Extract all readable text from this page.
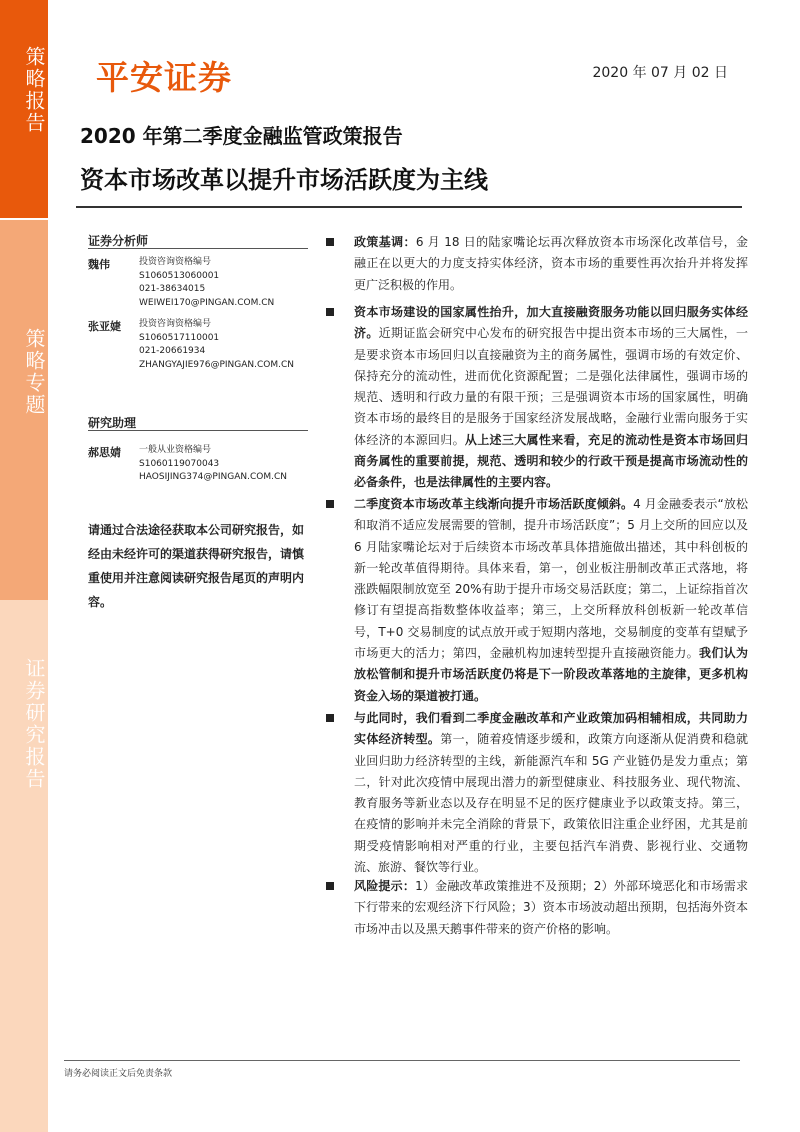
策略报告
策略专题
证券研究报告
平安证券	2020 年 07 月 02 日
2020 年第二季度金融监管政策报告
资本市场改革以提升市场活跃度为主线
证券分析师
魏伟	投资咨询资格编号
S1060513060001
021-38634015
WEIWEI170@PINGAN.COM.CN
张亚婕	投资咨询资格编号
S1060517110001
021-20661934
ZHANGYAJIE976@PINGAN.COM.CN
研究助理
郝思婧	一般从业资格编号
S1060119070043
HAOSIJING374@PINGAN.COM.CN
请通过合法途径获取本公司研究报告，如经由未经许可的渠道获得研究报告，请慎重使用并注意阅读研究报告尾页的声明内容。
政策基调：6 月 18 日的陆家嘴论坛再次释放资本市场深化改革信号，金融正在以更大的力度支持实体经济，资本市场的重要性再次抬升并将发挥更广泛积极的作用。
资本市场建设的国家属性抬升，加大直接融资服务功能以回归服务实体经济。近期证监会研究中心发布的研究报告中提出资本市场的三大属性，一是要求资本市场回归以直接融资为主的商务属性，强调市场的有效定价、保持充分的流动性，进而优化资源配置；二是强化法律属性，强调市场的规范、透明和行政力量的有限干预；三是强调资本市场的国家属性，明确资本市场的最终目的是服务于国家经济发展战略，金融行业需向服务于实体经济的本源回归。从上述三大属性来看，充足的流动性是资本市场回归商务属性的重要前提，规范、透明和较少的行政干预是提高市场流动性的必备条件，也是法律属性的主要内容。
二季度资本市场改革主线渐向提升市场活跃度倾斜。4 月金融委表示“放松和取消不适应发展需要的管制，提升市场活跃度”；5 月上交所的回应以及 6 月陆家嘴论坛对于后续资本市场改革具体措施做出描述，其中科创板的新一轮改革值得期待。具体来看，第一，创业板注册制改革正式落地，将涨跌幅限制放宽至 20%有助于提升市场交易活跃度；第二，上证综指首次修订有望提高指数整体收益率；第三，上交所释放科创板新一轮改革信号，T+0 交易制度的试点放开或于短期内落地，交易制度的变革有望赋予市场更大的活力；第四，金融机构加速转型提升直接融资能力。我们认为放松管制和提升市场活跃度仍将是下一阶段改革落地的主旋律，更多机构资金入场的渠道被打通。
与此同时，我们看到二季度金融改革和产业政策加码相辅相成，共同助力实体经济转型。第一，随着疫情逐步缓和，政策方向逐渐从促消费和稳就业回归助力经济转型的主线，新能源汽车和 5G 产业链仍是发力重点；第二，针对此次疫情中展现出潜力的新型健康业、科技服务业、现代物流、教育服务等新业态以及存在明显不足的医疗健康业予以政策支持。第三，在疫情的影响并未完全消除的背景下，政策依旧注重企业纾困，尤其是前期受疫情影响相对严重的行业，主要包括汽车消费、影视行业、交通物流、旅游、餐饮等行业。
风险提示：1）金融改革政策推进不及预期；2）外部环境恶化和市场需求下行带来的宏观经济下行风险；3）资本市场波动超出预期，包括海外资本市场冲击以及黑天鹅事件带来的资产价格的影响。
请务必阅读正文后免责条款
